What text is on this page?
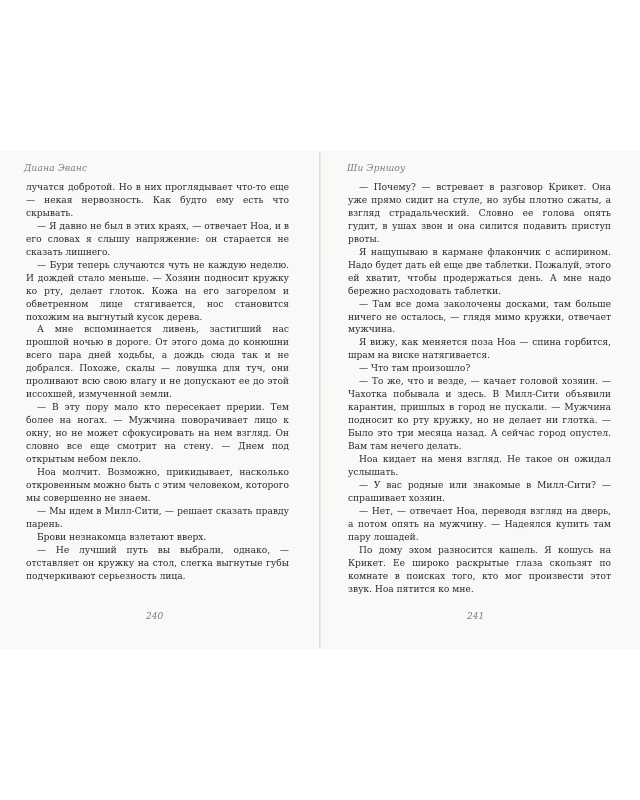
Диана Эванс

лучатся добротой. Но в них проглядывает что-то еще — некая нервозность. Как будто ему есть что скрывать.

— Я давно не был в этих краях, — отвечает Ноа, и в его словах я слышу напряжение: он старается не сказать лишнего.

— Бури теперь случаются чуть не каждую неделю. И дождей стало меньше. — Хозяин подносит кружку ко рту, делает глоток. Кожа на его загорелом и обветренном лице стягивается, нос становится похожим на выгнутый кусок дерева.

А мне вспоминается ливень, застигший нас прошлой ночью в дороге. От этого дома до конюшни всего пара дней ходьбы, а дождь сюда так и не добрался. Похоже, скалы — ловушка для туч, они проливают всю свою влагу и не допускают ее до этой иссохшей, измученной земли.

— В эту пору мало кто пересекает прерии. Тем более на ногах. — Мужчина поворачивает лицо к окну, но не может сфокусировать на нем взгляд. Он словно все еще смотрит на стену. — Днем под открытым небом пекло.

Ноа молчит. Возможно, прикидывает, насколько откровенным можно быть с этим человеком, которого мы совершенно не знаем.

— Мы идем в Милл-Сити, — решает сказать правду парень.

Брови незнакомца взлетают вверх.

— Не лучший путь вы выбрали, однако, — отставляет он кружку на стол, слегка выгнутые губы подчеркивают серьезность лица.

240
Ши Эрншоу

— Почему? — встревает в разговор Крикет. Она уже прямо сидит на стуле, но зубы плотно сжаты, а взгляд страдальческий. Словно ее голова опять гудит, в ушах звон и она силится подавить приступ рвоты.

Я нащупываю в кармане флакончик с аспирином. Надо будет дать ей еще две таблетки. Пожалуй, этого ей хватит, чтобы продержаться день. А мне надо бережно расходовать таблетки.

— Там все дома заколочены досками, там больше ничего не осталось, — глядя мимо кружки, отвечает мужчина.

Я вижу, как меняется поза Ноа — спина горбится, шрам на виске натягивается.

— Что там произошло?

— То же, что и везде, — качает головой хозяин. — Чахотка побывала и здесь. В Милл-Сити объявили карантин, пришлых в город не пускали. — Мужчина подносит ко рту кружку, но не делает ни глотка. — Было это три месяца назад. А сейчас город опустел. Вам там нечего делать.

Ноа кидает на меня взгляд. Не такое он ожидал услышать.

— У вас родные или знакомые в Милл-Сити? — спрашивает хозяин.

— Нет, — отвечает Ноа, переводя взгляд на дверь, а потом опять на мужчину. — Надеялся купить там пару лошадей.

По дому эхом разносится кашель. Я кошусь на Крикет. Ее широко раскрытые глаза скользят по комнате в поисках того, кто мог произвести этот звук. Ноа пятится ко мне.

241
